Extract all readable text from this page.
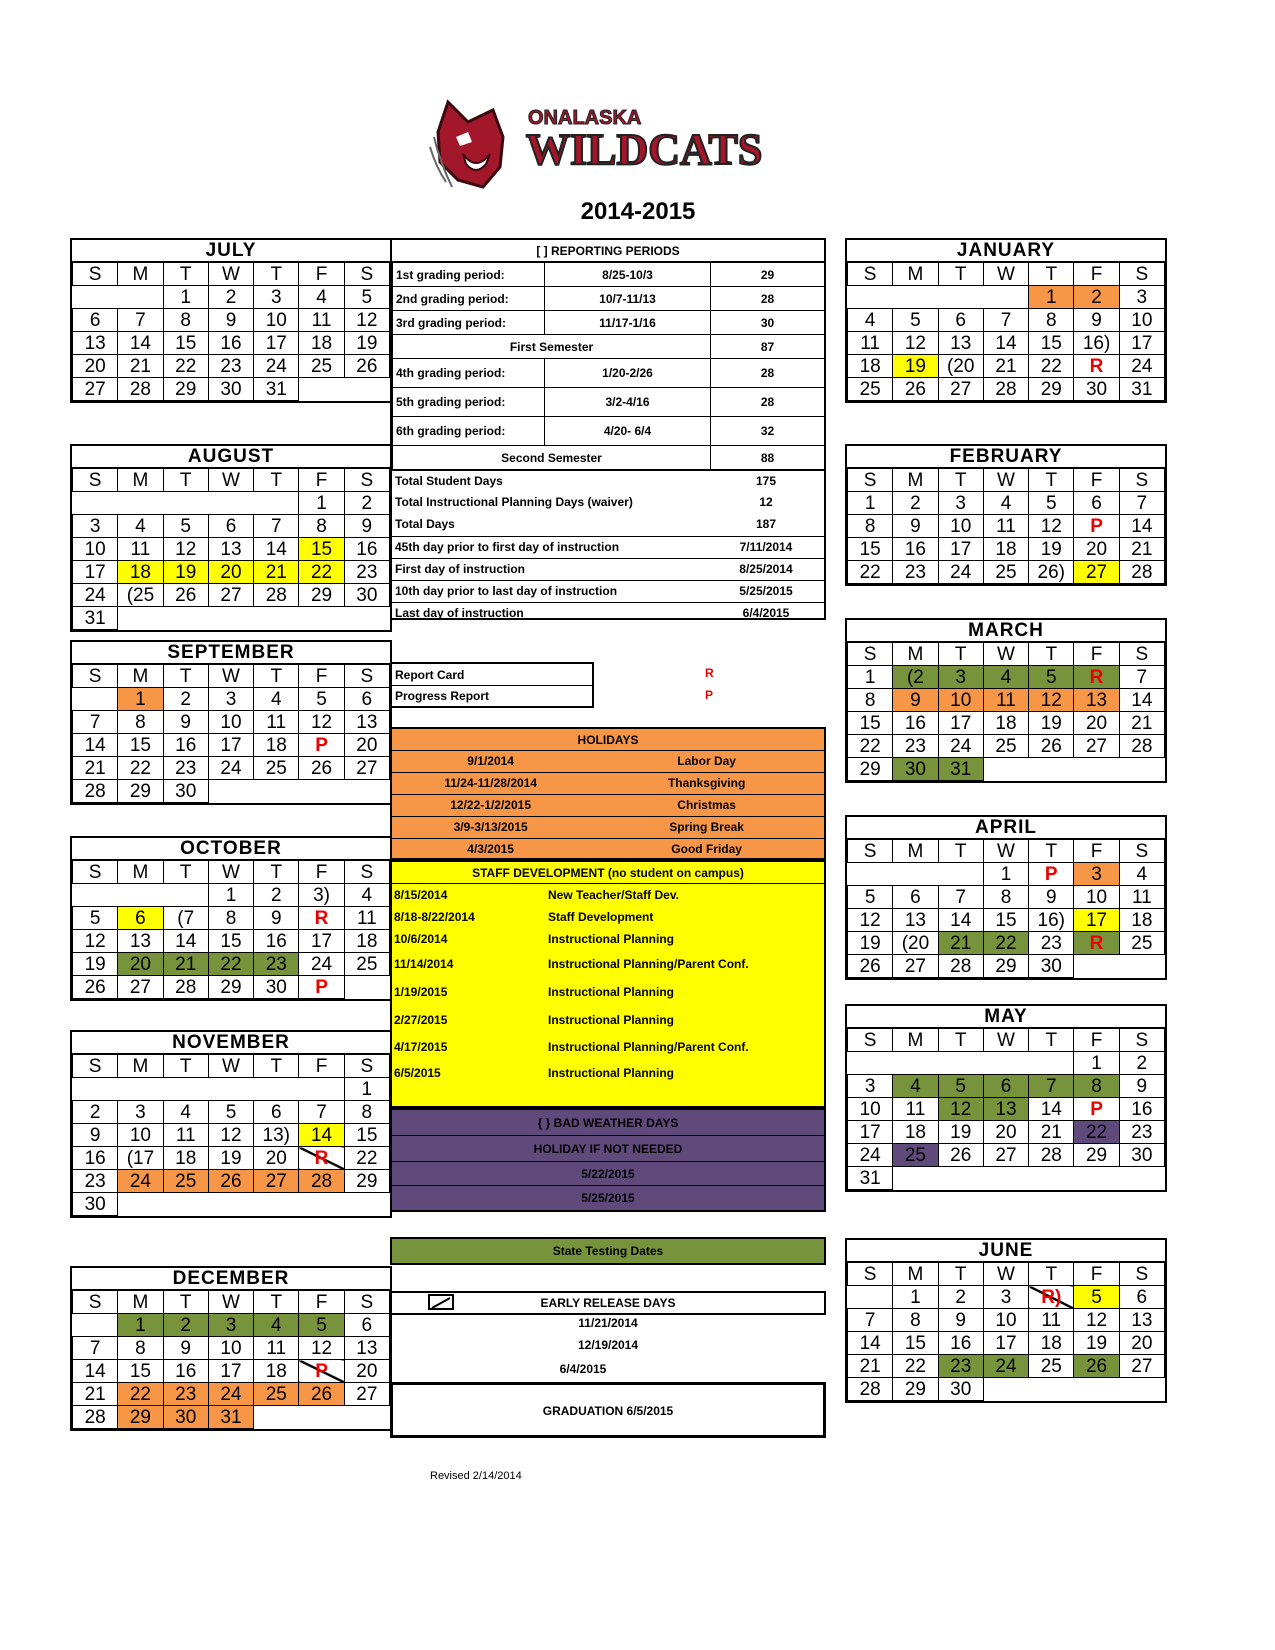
ONALASKA
WILDCATS
2014-2015
JULY
S	M	T	W	T	F	S
		1	2	3	4	5
6	7	8	9	10	11	12
13	14	15	16	17	18	19
20	21	22	23	24	25	26
27	28	29	30	31		
AUGUST
S	M	T	W	T	F	S
					1	2
3	4	5	6	7	8	9
10	11	12	13	14	15	16
17	18	19	20	21	22	23
24	(25	26	27	28	29	30
31						
SEPTEMBER
S	M	T	W	T	F	S
	1	2	3	4	5	6
7	8	9	10	11	12	13
14	15	16	17	18	P	20
21	22	23	24	25	26	27
28	29	30				
OCTOBER
S	M	T	W	T	F	S
			1	2	3)	4
5	6	(7	8	9	R	11
12	13	14	15	16	17	18
19	20	21	22	23	24	25
26	27	28	29	30	P	
NOVEMBER
S	M	T	W	T	F	S
						1
2	3	4	5	6	7	8
9	10	11	12	13)	14	15
16	(17	18	19	20	R	22
23	24	25	26	27	28	29
30						
DECEMBER
S	M	T	W	T	F	S
	1	2	3	4	5	6
7	8	9	10	11	12	13
14	15	16	17	18	P	20
21	22	23	24	25	26	27
28	29	30	31			
JANUARY
S	M	T	W	T	F	S
				1	2	3
4	5	6	7	8	9	10
11	12	13	14	15	16)	17
18	19	(20	21	22	R	24
25	26	27	28	29	30	31
FEBRUARY
S	M	T	W	T	F	S
1	2	3	4	5	6	7
8	9	10	11	12	P	14
15	16	17	18	19	20	21
22	23	24	25	26)	27	28
MARCH
S	M	T	W	T	F	S
1	(2	3	4	5	R	7
8	9	10	11	12	13	14
15	16	17	18	19	20	21
22	23	24	25	26	27	28
29	30	31				
APRIL
S	M	T	W	T	F	S
			1	P	3	4
5	6	7	8	9	10	11
12	13	14	15	16)	17	18
19	(20	21	22	23	R	25
26	27	28	29	30		
MAY
S	M	T	W	T	F	S
					1	2
3	4	5	6	7	8	9
10	11	12	13	14	P	16
17	18	19	20	21	22	23
24	25	26	27	28	29	30
31						
JUNE
S	M	T	W	T	F	S
	1	2	3	R)	5	6
7	8	9	10	11	12	13
14	15	16	17	18	19	20
21	22	23	24	25	26	27
28	29	30				
[ ] REPORTING PERIODS
1st grading period:	8/25-10/3	29
2nd grading period:	10/7-11/13	28
3rd grading period:	11/17-1/16	30
First Semester		87
4th grading period:	1/20-2/26	28
5th grading period:	3/2-4/16	28
6th grading period:	4/20- 6/4	32
Second Semester		88
Total Student Days	175
Total Instructional Planning Days (waiver)	12
Total Days	187
45th day prior to first day of instruction	7/11/2014
First day of instruction	8/25/2014
10th day prior to last day of instruction	5/25/2015
Last day of instruction	6/4/2015
Report Card
Progress Report
R
P
HOLIDAYS
9/1/2014	Labor Day
11/24-11/28/2014	Thanksgiving
12/22-1/2/2015	Christmas
3/9-3/13/2015	Spring Break
4/3/2015	Good Friday
STAFF DEVELOPMENT (no student on campus)
8/15/2014	New Teacher/Staff Dev.
8/18-8/22/2014	Staff Development
10/6/2014	Instructional Planning
11/14/2014	Instructional Planning/Parent Conf.
1/19/2015	Instructional Planning
2/27/2015	Instructional Planning
4/17/2015	Instructional Planning/Parent Conf.
6/5/2015	Instructional Planning
{ } BAD WEATHER DAYS
HOLIDAY IF NOT NEEDED
5/22/2015
5/25/2015
State Testing Dates
EARLY RELEASE DAYS
11/21/2014
12/19/2014
6/4/2015
GRADUATION 6/5/2015
Revised 2/14/2014
